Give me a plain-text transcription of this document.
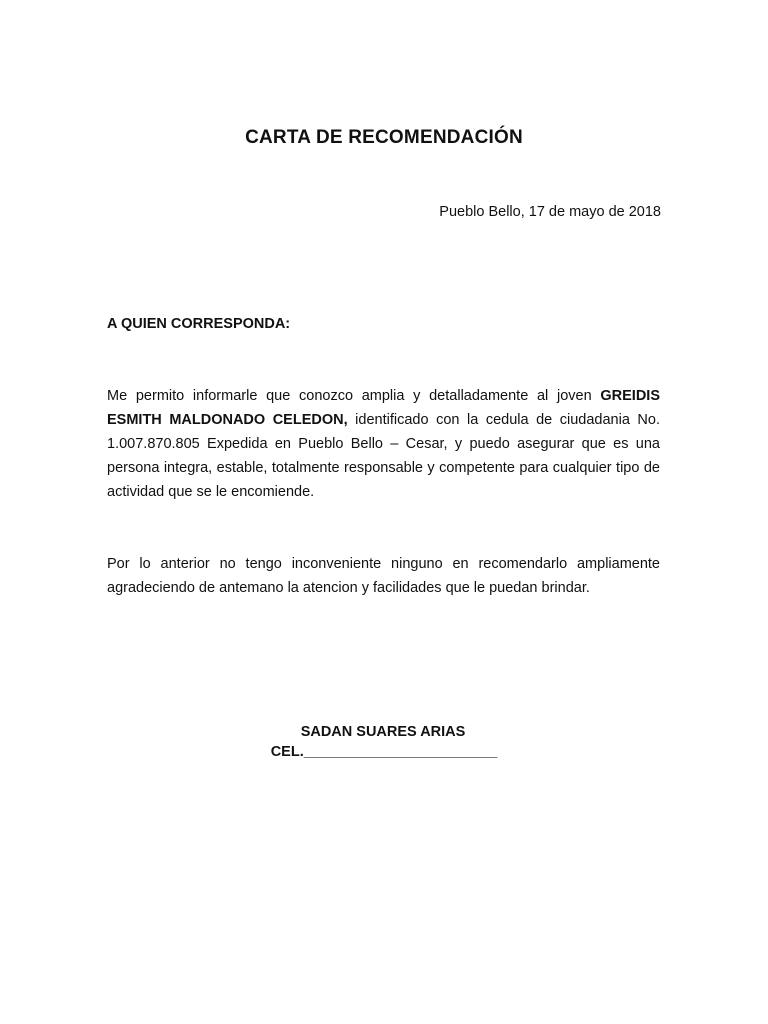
CARTA DE RECOMENDACIÓN
Pueblo Bello, 17 de mayo de 2018
A QUIEN CORRESPONDA:
Me permito informarle que conozco amplia y detalladamente al joven GREIDIS ESMITH MALDONADO CELEDON, identificado con la cedula de ciudadania No. 1.007.870.805 Expedida en Pueblo Bello – Cesar, y puedo asegurar que es una persona integra, estable, totalmente responsable y competente para cualquier tipo de actividad que se le encomiende.
Por lo anterior no tengo inconveniente ninguno en recomendarlo ampliamente agradeciendo de antemano la atencion y facilidades que le puedan brindar.
SADAN SUARES ARIAS
CEL.________________________
